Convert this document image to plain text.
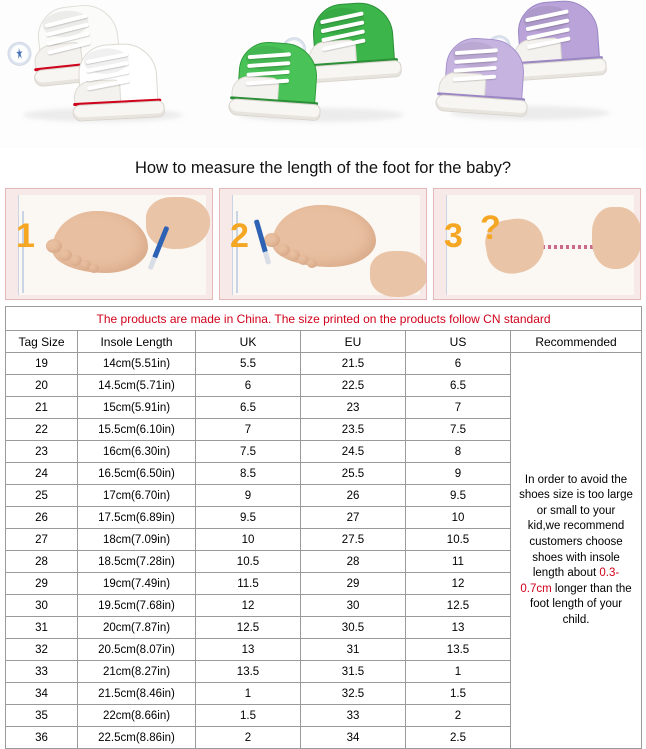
How to measure the length of the foot for the baby?
1	2	3 ?
The products are made in China. The size printed on the products follow CN standard					
Tag Size	Insole Length	UK	EU	US	Recommended
19	14cm(5.51in)	5.5	21.5	6	In order to avoid the shoes size is too large or small to your kid,we recommend customers choose shoes with insole length about 0.3-0.7cm longer than the foot length of your child.
20	14.5cm(5.71in)	6	22.5	6.5	
21	15cm(5.91in)	6.5	23	7	
22	15.5cm(6.10in)	7	23.5	7.5	
23	16cm(6.30in)	7.5	24.5	8	
24	16.5cm(6.50in)	8.5	25.5	9	
25	17cm(6.70in)	9	26	9.5	
26	17.5cm(6.89in)	9.5	27	10	
27	18cm(7.09in)	10	27.5	10.5	
28	18.5cm(7.28in)	10.5	28	11	
29	19cm(7.49in)	11.5	29	12	
30	19.5cm(7.68in)	12	30	12.5	
31	20cm(7.87in)	12.5	30.5	13	
32	20.5cm(8.07in)	13	31	13.5	
33	21cm(8.27in)	13.5	31.5	1	
34	21.5cm(8.46in)	1	32.5	1.5	
35	22cm(8.66in)	1.5	33	2	
36	22.5cm(8.86in)	2	34	2.5	
